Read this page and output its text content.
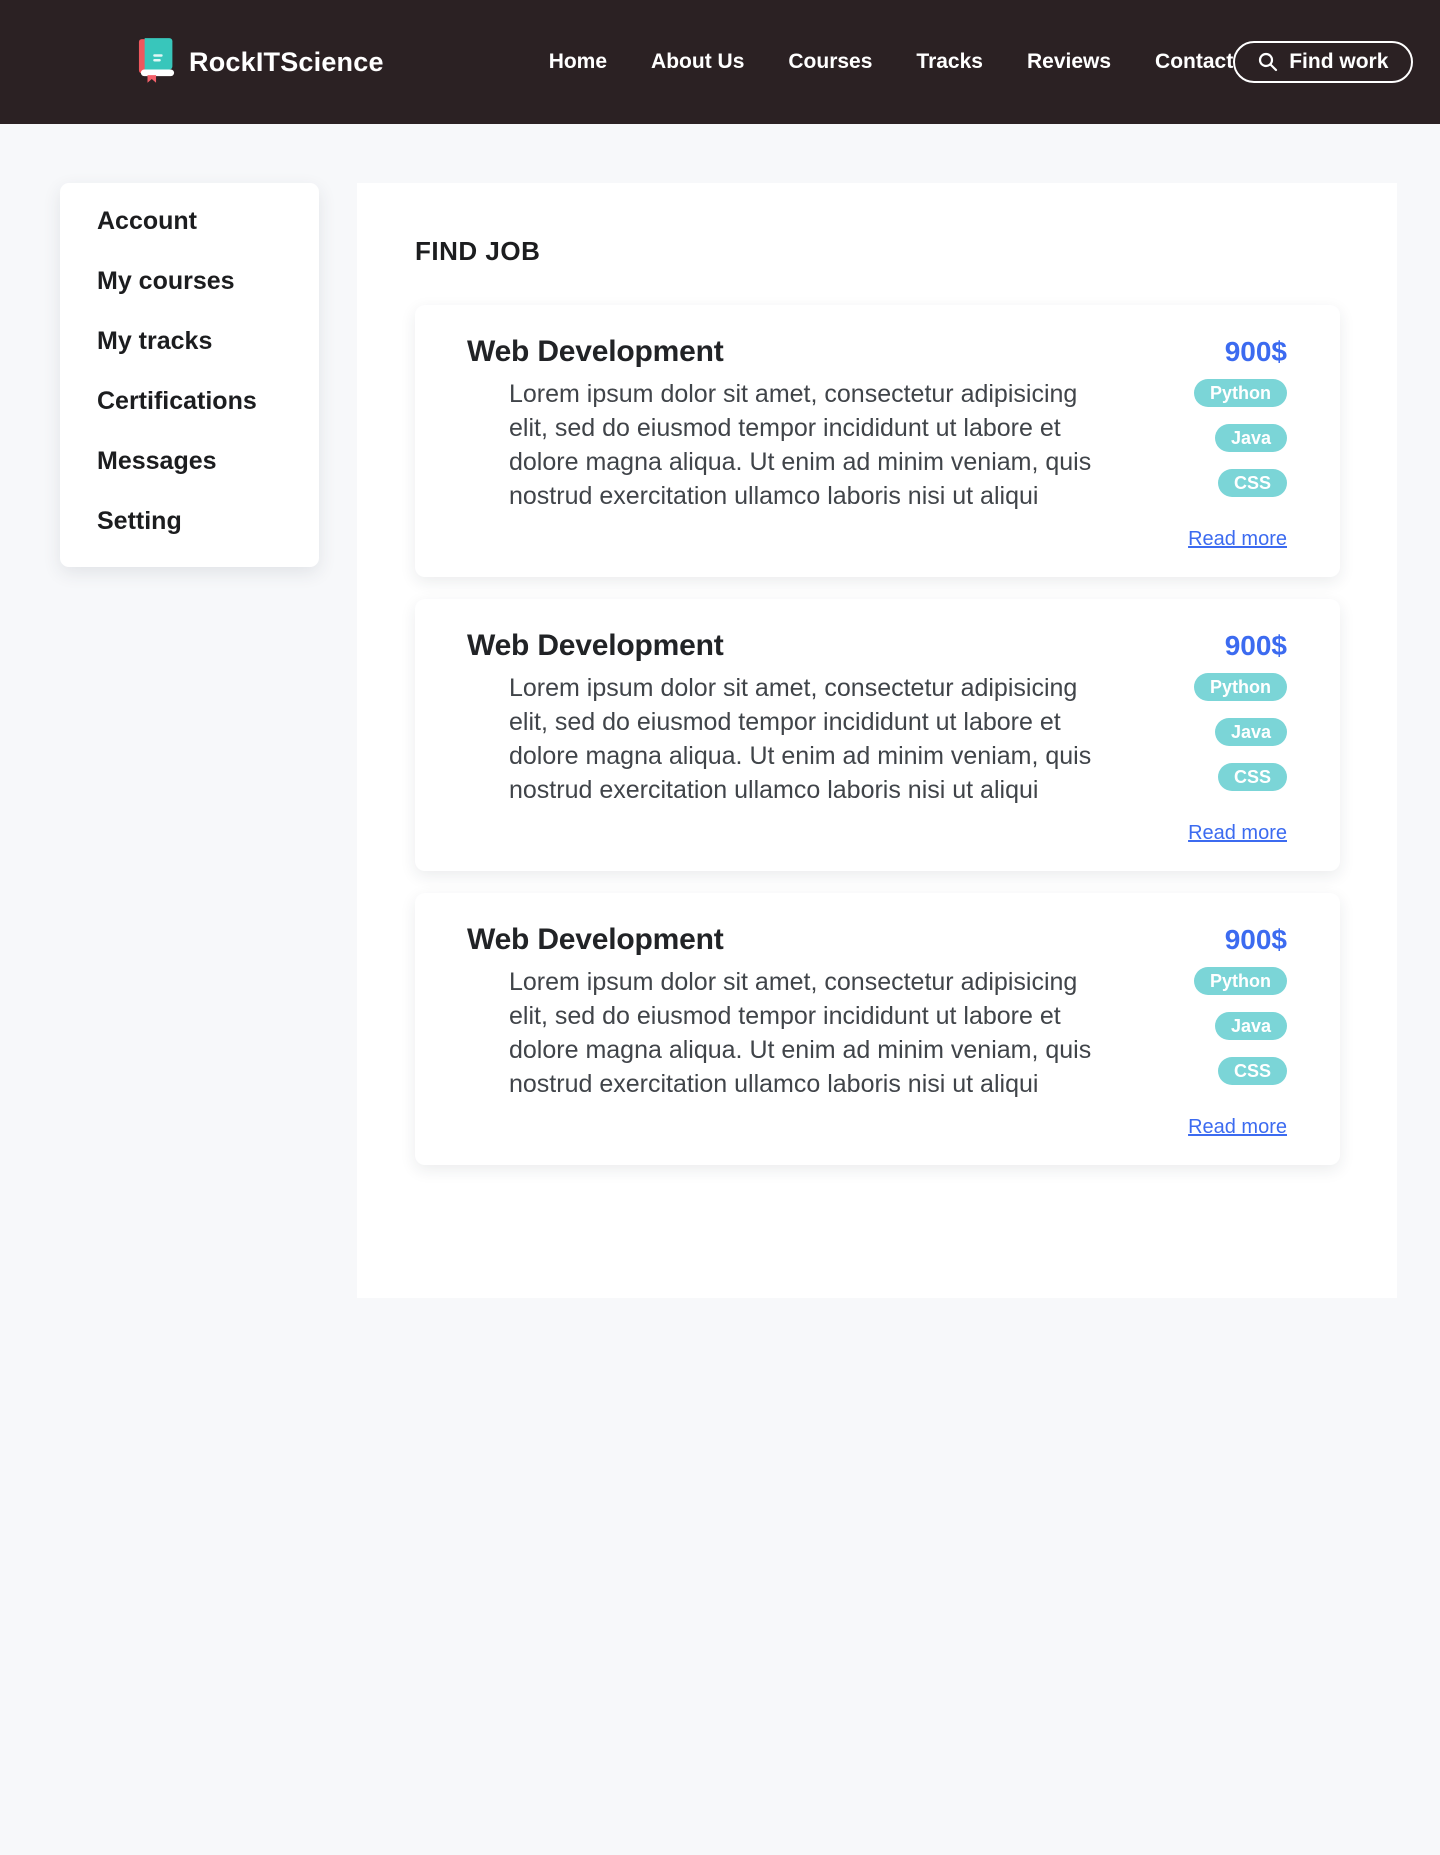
RockITScience	Home About Us Courses Tracks Reviews Contact	Find work
Account
My courses
My tracks
Certifications
Messages
Setting
FIND JOB
Web Development

Lorem ipsum dolor sit amet, consectetur adipisicing elit, sed do eiusmod tempor incididunt ut labore et dolore magna aliqua. Ut enim ad minim veniam, quis nostrud exercitation ullamco laboris nisi ut aliqui

900$
Python
Java
CSS
Read more
Web Development

Lorem ipsum dolor sit amet, consectetur adipisicing elit, sed do eiusmod tempor incididunt ut labore et dolore magna aliqua. Ut enim ad minim veniam, quis nostrud exercitation ullamco laboris nisi ut aliqui

900$
Python
Java
CSS
Read more
Web Development

Lorem ipsum dolor sit amet, consectetur adipisicing elit, sed do eiusmod tempor incididunt ut labore et dolore magna aliqua. Ut enim ad minim veniam, quis nostrud exercitation ullamco laboris nisi ut aliqui

900$
Python
Java
CSS
Read more
